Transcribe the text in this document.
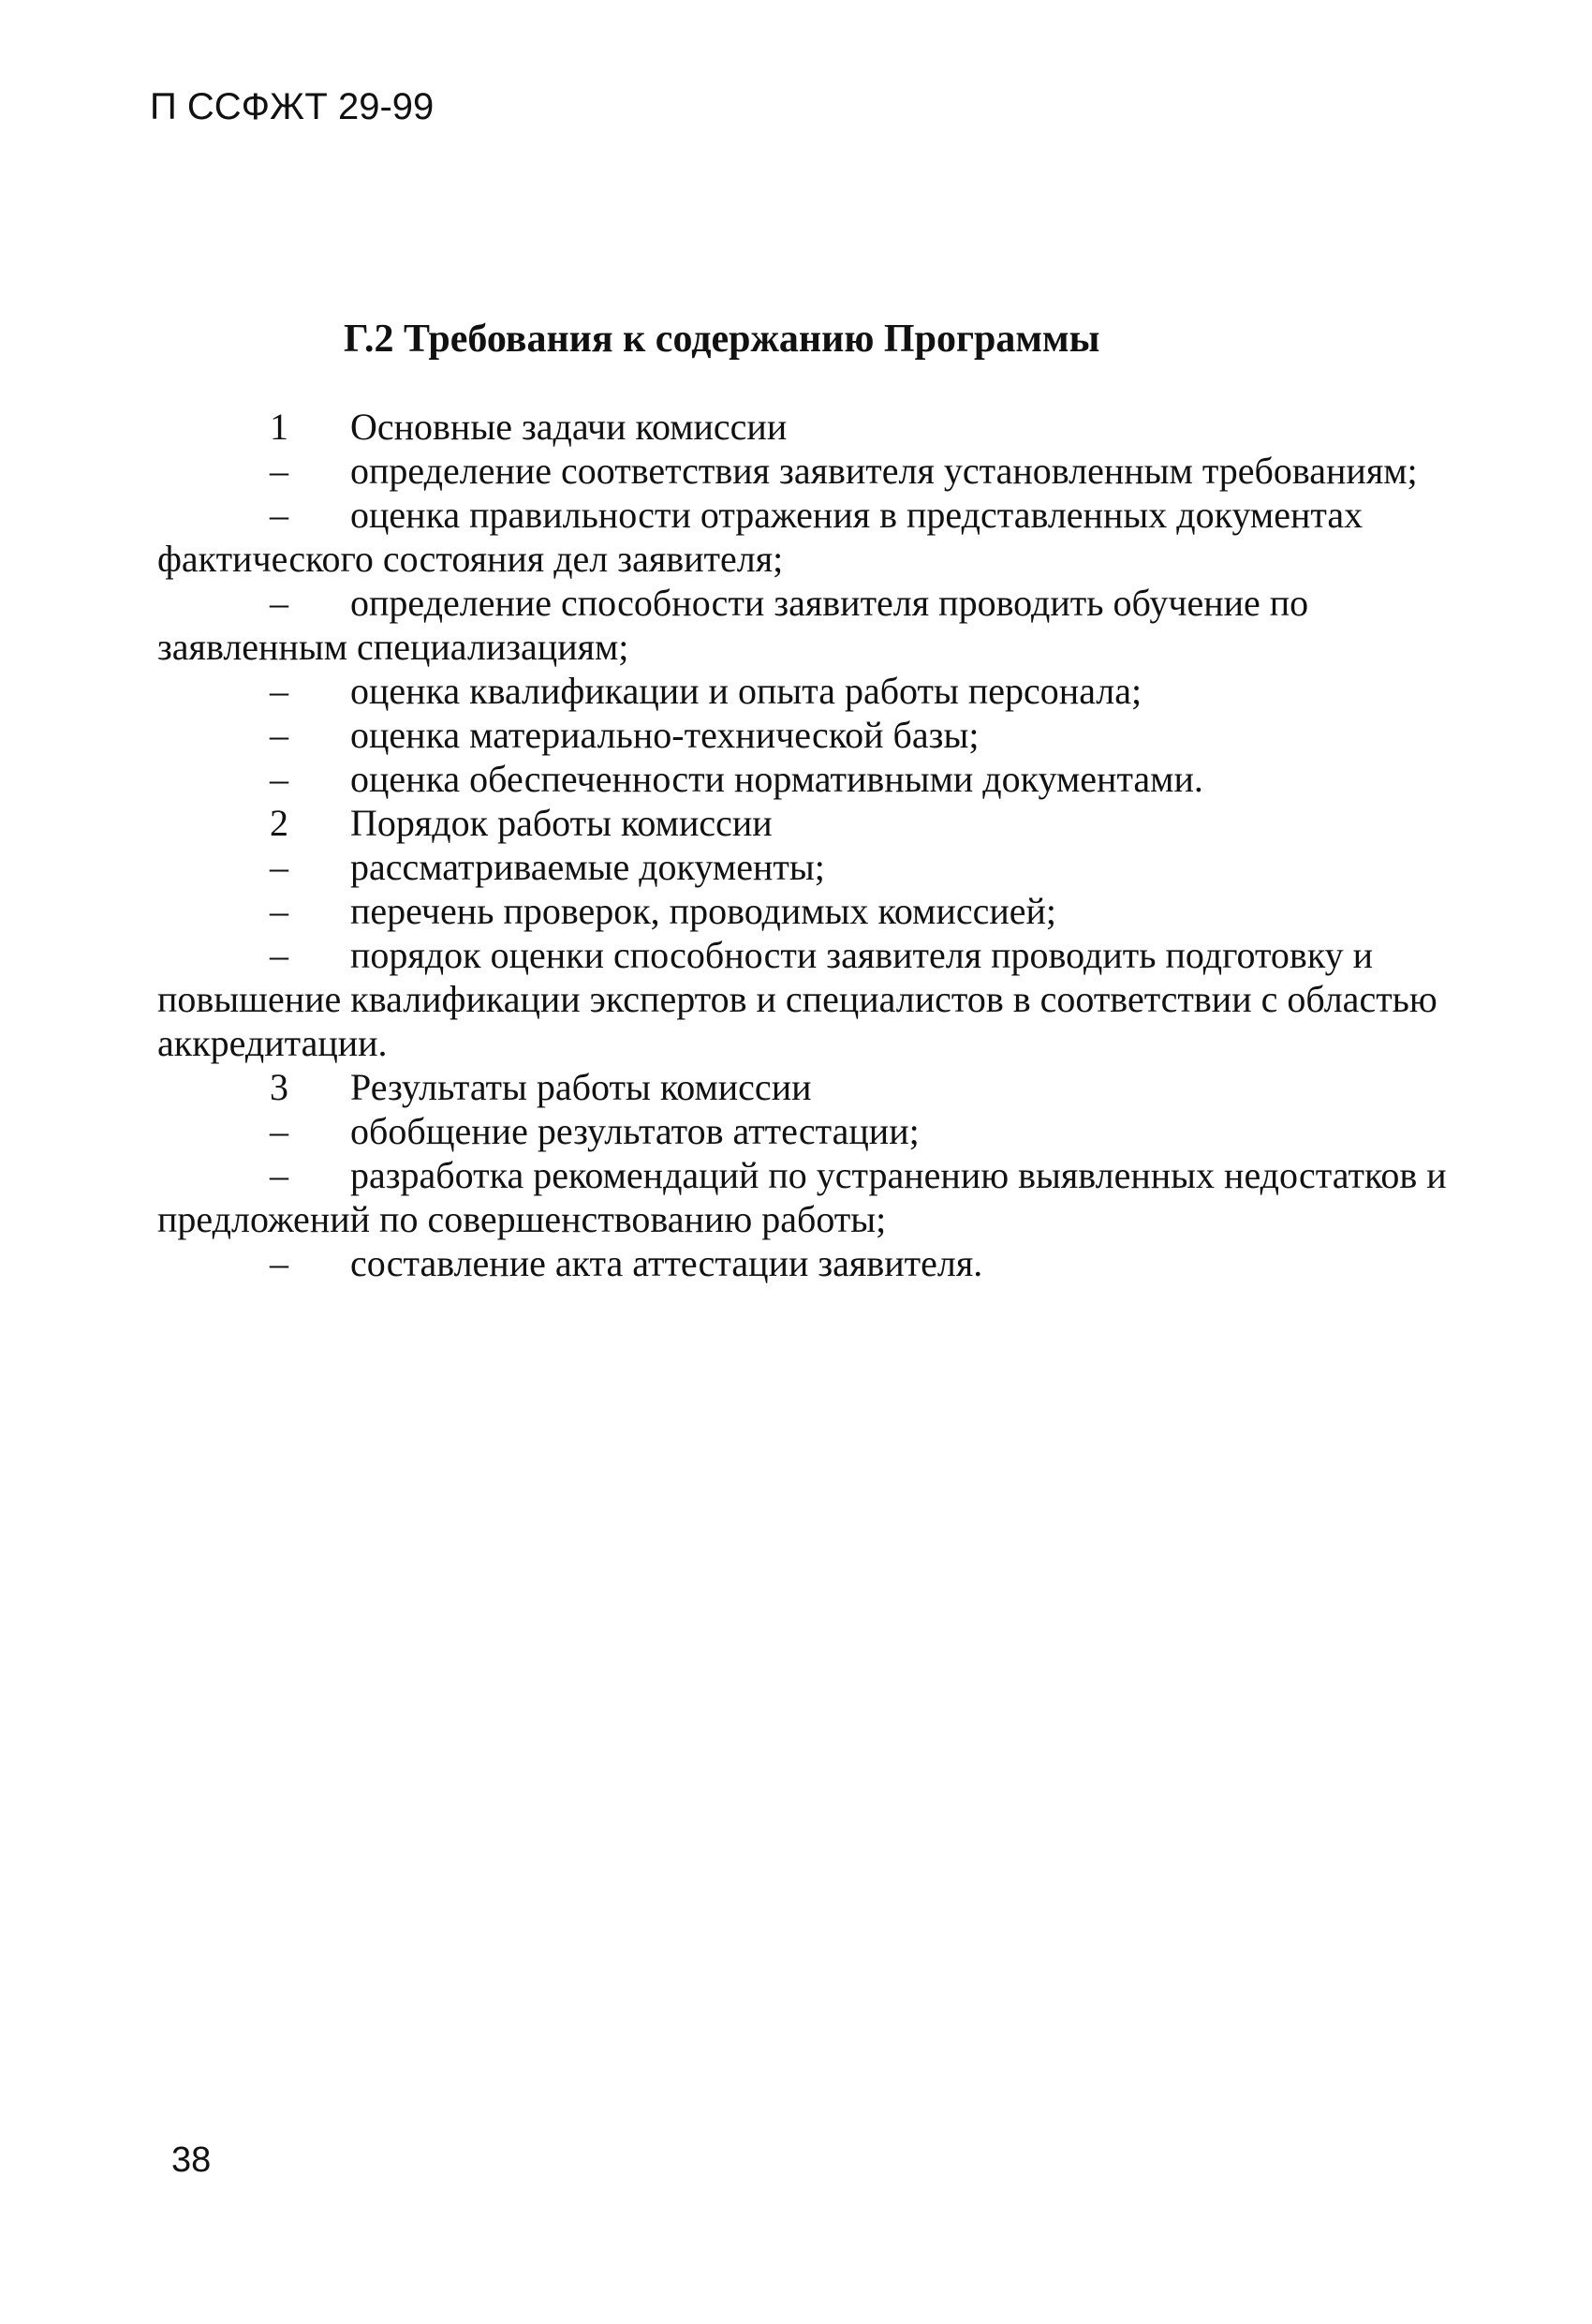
П ССФЖТ 29-99
Г.2 Требования к содержанию Программы
1	Основные задачи комиссии
–	определение соответствия заявителя установленным требованиям;
–	оценка правильности отражения в представленных документах
фактического состояния дел заявителя;
–	определение способности заявителя проводить обучение по
заявленным специализациям;
–	оценка квалификации и опыта работы персонала;
–	оценка материально-технической базы;
–	оценка обеспеченности нормативными документами.
2	Порядок работы комиссии
–	рассматриваемые документы;
–	перечень проверок, проводимых комиссией;
–	порядок оценки способности заявителя проводить подготовку и
повышение квалификации экспертов и специалистов в соответствии с областью
аккредитации.
3	Результаты работы комиссии
–	обобщение результатов аттестации;
–	разработка рекомендаций по устранению выявленных недостатков и
предложений по совершенствованию работы;
–	составление акта аттестации заявителя.
38
